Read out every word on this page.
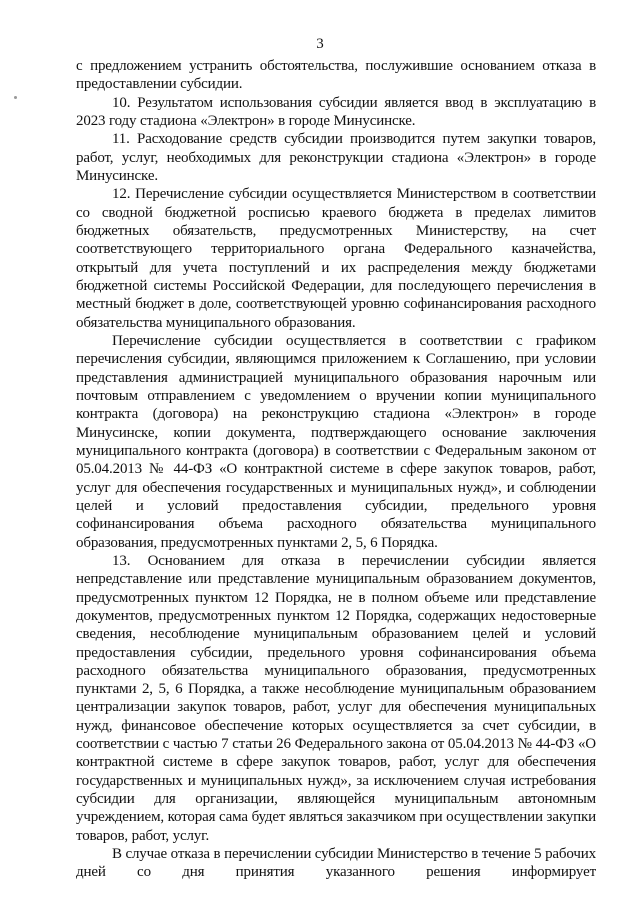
3

с предложением устранить обстоятельства, послужившие основанием отказа в предоставлении субсидии.

10. Результатом использования субсидии является ввод в эксплуатацию в 2023 году стадиона «Электрон» в городе Минусинске.

11. Расходование средств субсидии производится путем закупки товаров, работ, услуг, необходимых для реконструкции стадиона «Электрон» в городе Минусинске.

12. Перечисление субсидии осуществляется Министерством в соответствии со сводной бюджетной росписью краевого бюджета в пределах лимитов бюджетных обязательств, предусмотренных Министерству, на счет соответствующего территориального органа Федерального казначейства, открытый для учета поступлений и их распределения между бюджетами бюджетной системы Российской Федерации, для последующего перечисления в местный бюджет в доле, соответствующей уровню софинансирования расходного обязательства муниципального образования.

Перечисление субсидии осуществляется в соответствии с графиком перечисления субсидии, являющимся приложением к Соглашению, при условии представления администрацией муниципального образования нарочным или почтовым отправлением с уведомлением о вручении копии муниципального контракта (договора) на реконструкцию стадиона «Электрон» в городе Минусинске, копии документа, подтверждающего основание заключения муниципального контракта (договора) в соответствии с Федеральным законом от 05.04.2013 № 44-ФЗ «О контрактной системе в сфере закупок товаров, работ, услуг для обеспечения государственных и муниципальных нужд», и соблюдении целей и условий предоставления субсидии, предельного уровня софинансирования объема расходного обязательства муниципального образования, предусмотренных пунктами 2, 5, 6 Порядка.

13. Основанием для отказа в перечислении субсидии является непредставление или представление муниципальным образованием документов, предусмотренных пунктом 12 Порядка, не в полном объеме или представление документов, предусмотренных пунктом 12 Порядка, содержащих недостоверные сведения, несоблюдение муниципальным образованием целей и условий предоставления субсидии, предельного уровня софинансирования объема расходного обязательства муниципального образования, предусмотренных пунктами 2, 5, 6 Порядка, а также несоблюдение муниципальным образованием централизации закупок товаров, работ, услуг для обеспечения муниципальных нужд, финансовое обеспечение которых осуществляется за счет субсидии, в соответствии с частью 7 статьи 26 Федерального закона от 05.04.2013 № 44-ФЗ «О контрактной системе в сфере закупок товаров, работ, услуг для обеспечения государственных и муниципальных нужд», за исключением случая истребования субсидии для организации, являющейся муниципальным автономным учреждением, которая сама будет являться заказчиком при осуществлении закупки товаров, работ, услуг.

В случае отказа в перечислении субсидии Министерство в течение 5 рабочих дней со дня принятия указанного решения информирует
